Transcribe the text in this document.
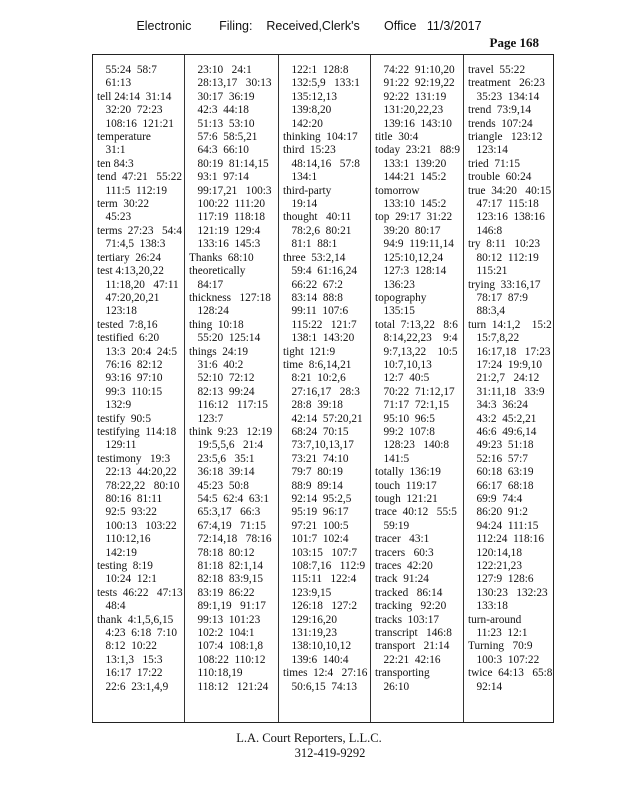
Electronic        Filing:    Received,Clerk's       Office   11/3/2017
Page 168
55:24  58:7
61:13
tell 24:14  31:14
32:20  72:23
108:16  121:21
temperature
31:1
ten 84:3
tend  47:21   55:22
111:5  112:19
term  30:22
45:23
terms  27:23   54:4
71:4,5  138:3
tertiary  26:24
test 4:13,20,22
11:18,20   47:11
47:20,20,21
123:18
tested  7:8,16
testified  6:20
13:3  20:4  24:5
76:16  82:12
93:16  97:10
99:3  110:15
132:9
testify  90:5
testifying  114:18
129:11
testimony   19:3
22:13  44:20,22
78:22,22   80:10
80:16  81:11
92:5  93:22
100:13   103:22
110:12,16
142:19
testing  8:19
10:24  12:1
tests  46:22   47:13
48:4
thank  4:1,5,6,15
4:23  6:18  7:10
8:12  10:22
13:1,3   15:3
16:17  17:22
22:6  23:1,4,9
23:10   24:1
28:13,17   30:13
30:17  36:19
42:3  44:18
51:13  53:10
57:6  58:5,21
64:3  66:10
80:19  81:14,15
93:1  97:14
99:17,21   100:3
100:22  111:20
117:19  118:18
121:19  129:4
133:16  145:3
Thanks  68:10
theoretically
84:17
thickness   127:18
128:24
thing  10:18
55:20  125:14
things  24:19
31:6  40:2
52:10  72:12
82:13  99:24
116:12   117:15
123:7
think  9:23   12:19
19:5,5,6   21:4
23:5,6   35:1
36:18  39:14
45:23  50:8
54:5  62:4  63:1
65:3,17   66:3
67:4,19   71:15
72:14,18   78:16
78:18  80:12
81:18  82:1,14
82:18  83:9,15
83:19  86:22
89:1,19   91:17
99:13  101:23
102:2  104:1
107:4  108:1,8
108:22  110:12
110:18,19
118:12   121:24
122:1  128:8
132:5,9   133:1
135:12,13
139:8,20
142:20
thinking  104:17
third  15:23
48:14,16   57:8
134:1
third-party
19:14
thought   40:11
78:2,6  80:21
81:1  88:1
three  53:2,14
59:4  61:16,24
66:22  67:2
83:14  88:8
99:11  107:6
115:22   121:7
138:1  143:20
tight  121:9
time  8:6,14,21
8:21  10:2,6
27:16,17   28:3
28:8  39:18
42:14  57:20,21
68:24  70:15
73:7,10,13,17
73:21  74:10
79:7  80:19
88:9  89:14
92:14  95:2,5
95:19  96:17
97:21  100:5
101:7  102:4
103:15   107:7
108:7,16   112:9
115:11   122:4
123:9,15
126:18   127:2
129:16,20
131:19,23
138:10,10,12
139:6  140:4
times  12:4   27:16
50:6,15  74:13
74:22  91:10,20
91:22  92:19,22
92:22  131:19
131:20,22,23
139:16  143:10
title  30:4
today  23:21   88:9
133:1  139:20
144:21  145:2
tomorrow
133:10  145:2
top  29:17  31:22
39:20  80:17
94:9  119:11,14
125:10,12,24
127:3  128:14
136:23
topography
135:15
total  7:13,22   8:6
8:14,22,23    9:4
9:7,13,22    10:5
10:7,10,13
12:7  40:5
70:22  71:12,17
71:17  72:1,15
95:10  96:5
99:2  107:8
128:23   140:8
141:5
totally  136:19
touch  119:17
tough  121:21
trace  40:12   55:5
59:19
tracer   43:1
tracers   60:3
traces  42:20
track  91:24
tracked   86:14
tracking   92:20
tracks  103:17
transcript   146:8
transport   21:14
22:21  42:16
transporting
26:10
travel  55:22
treatment   26:23
35:23  134:14
trend  73:9,14
trends  107:24
triangle   123:12
123:14
tried  71:15
trouble  60:24
true  34:20   40:15
47:17  115:18
123:16  138:16
146:8
try  8:11   10:23
80:12  112:19
115:21
trying  33:16,17
78:17  87:9
88:3,4
turn  14:1,2    15:2
15:7,8,22
16:17,18   17:23
17:24  19:9,10
21:2,7   24:12
31:11,18   33:9
34:3  36:24
43:2  45:2,21
46:6  49:6,14
49:23  51:18
52:16  57:7
60:18  63:19
66:17  68:18
69:9  74:4
86:20  91:2
94:24  111:15
112:24  118:16
120:14,18
122:21,23
127:9  128:6
130:23   132:23
133:18
turn-around
11:23  12:1
Turning   70:9
100:3  107:22
twice  64:13   65:8
92:14
L.A. Court Reporters, L.L.C.
312-419-9292
